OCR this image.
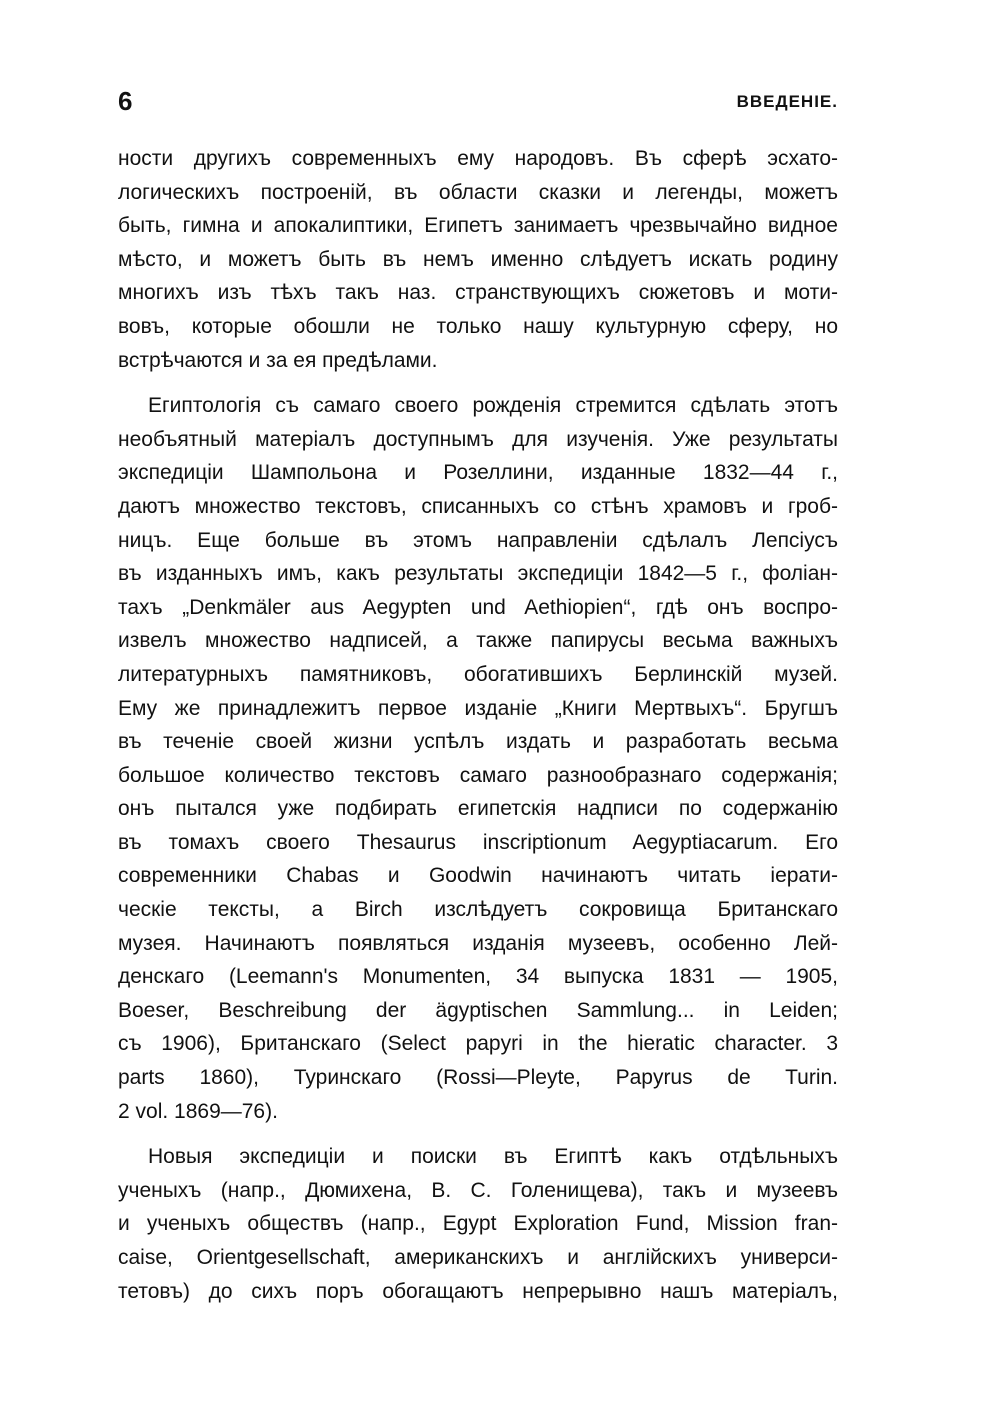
6	ВВЕДЕНІЕ.
ности другихъ современныхъ ему народовъ. Въ сферѣ эсхато-
логическихъ построеній, въ области сказки и легенды, можетъ
быть, гимна и апокалиптики, Египетъ занимаетъ чрезвычайно видное
мѣсто, и можетъ быть въ немъ именно слѣдуетъ искать родину
многихъ изъ тѣхъ такъ наз. странствующихъ сюжетовъ и моти-
вовъ, которые обошли не только нашу культурную сферу, но
встрѣчаются и за ея предѣлами.
Египтологія съ самаго своего рожденія стремится сдѣлать этотъ
необъятный матеріалъ доступнымъ для изученія. Уже результаты
экспедиціи Шампольона и Розеллини, изданные 1832—44 г.,
даютъ множество текстовъ, списанныхъ со стѣнъ храмовъ и гроб-
ницъ. Еще больше въ этомъ направленіи сдѣлалъ Лепсіусъ
въ изданныхъ имъ, какъ результаты экспедиціи 1842—5 г., фоліан-
тахъ „Denkmäler aus Aegypten und Aethiopien“, гдѣ онъ воспро-
извелъ множество надписей, а также папирусы весьма важныхъ
литературныхъ памятниковъ, обогатившихъ Берлинскій музей.
Ему же принадлежитъ первое изданіе „Книги Мертвыхъ“. Бругшъ
въ теченіе своей жизни успѣлъ издать и разработать весьма
большое количество текстовъ самаго разнообразнаго содержанія;
онъ пытался уже подбирать египетскія надписи по содержанію
въ томахъ своего Thesaurus inscriptionum Aegyptiacarum. Его
современники Chabas и Goodwin начинаютъ читать іерати-
ческіе тексты, а Birch изслѣдуетъ сокровища Британскаго
музея. Начинаютъ появляться изданія музеевъ, особенно Лей-
денскаго (Leemann's Monumenten, 34 выпуска 1831 — 1905,
Boeser, Beschreibung der ägyptischen Sammlung... in Leiden;
съ 1906), Британскаго (Select papyri in the hieratic character. 3
parts 1860), Туринскаго (Rossi—Pleyte, Papyrus de Turin.
2 vol. 1869—76).
Новыя экспедиціи и поиски въ Египтѣ какъ отдѣльныхъ
ученыхъ (напр., Дюмихена, В. С. Голенищева), такъ и музеевъ
и ученыхъ обществъ (напр., Egypt Exploration Fund, Mission fran-
caise, Orientgesellschaft, американскихъ и англійскихъ универси-
тетовъ) до сихъ поръ обогащаютъ непрерывно нашъ матеріалъ,
